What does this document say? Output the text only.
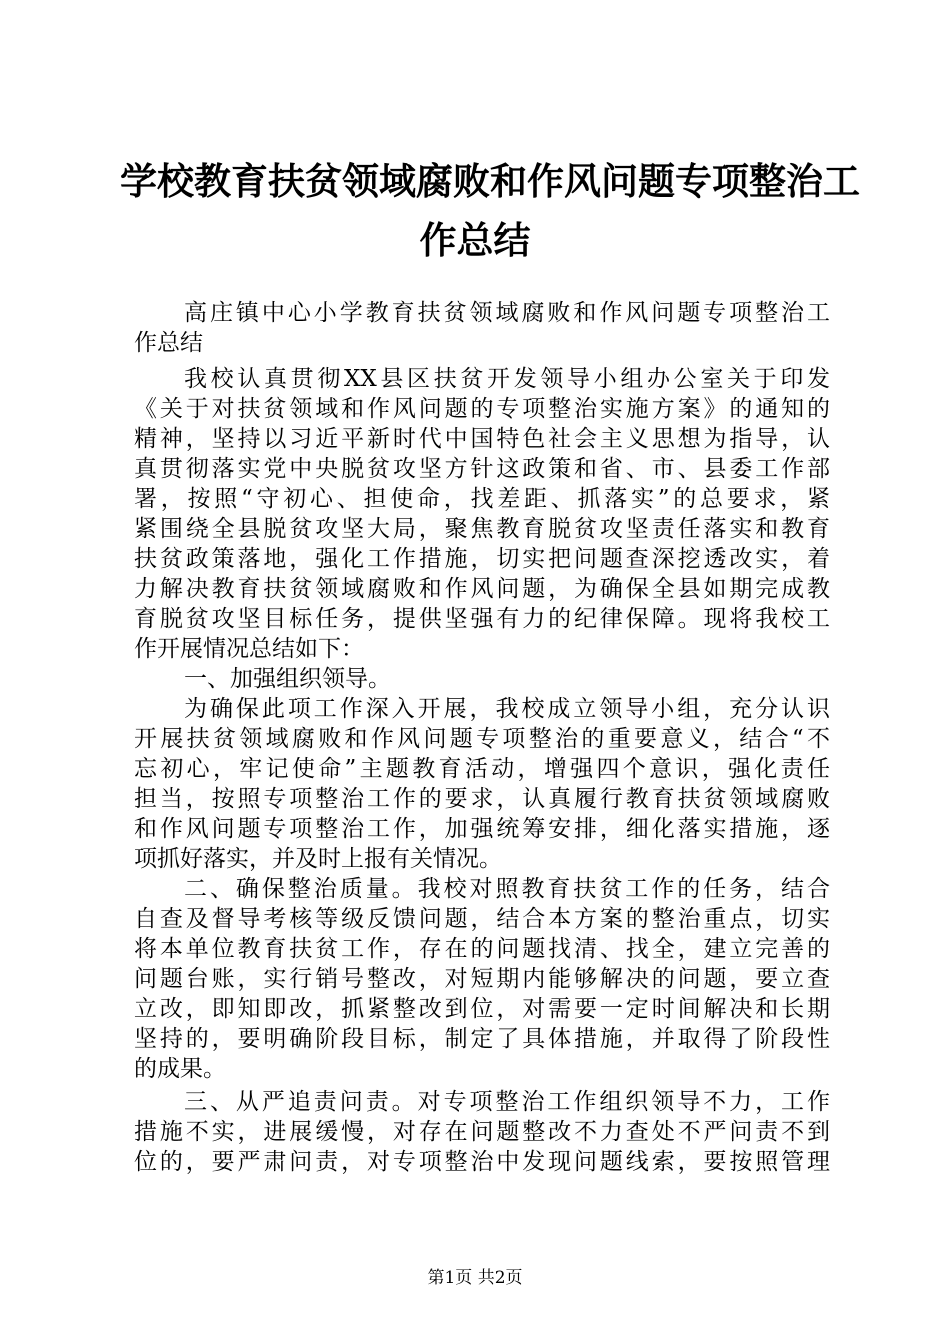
学校教育扶贫领域腐败和作风问题专项整治工
作总结
高庄镇中心小学教育扶贫领域腐败和作风问题专项整治工
作总结
我校认真贯彻XX县区扶贫开发领导小组办公室关于印发
《关于对扶贫领域和作风问题的专项整治实施方案》的通知的
精神，坚持以习近平新时代中国特色社会主义思想为指导，认
真贯彻落实党中央脱贫攻坚方针这政策和省、市、县委工作部
署，按照“守初心、担使命，找差距、抓落实”的总要求，紧
紧围绕全县脱贫攻坚大局，聚焦教育脱贫攻坚责任落实和教育
扶贫政策落地，强化工作措施，切实把问题查深挖透改实，着
力解决教育扶贫领域腐败和作风问题，为确保全县如期完成教
育脱贫攻坚目标任务，提供坚强有力的纪律保障。现将我校工
作开展情况总结如下：
一、加强组织领导。
为确保此项工作深入开展，我校成立领导小组，充分认识
开展扶贫领域腐败和作风问题专项整治的重要意义，结合“不
忘初心，牢记使命”主题教育活动，增强四个意识，强化责任
担当，按照专项整治工作的要求，认真履行教育扶贫领域腐败
和作风问题专项整治工作，加强统筹安排，细化落实措施，逐
项抓好落实，并及时上报有关情况。
二、确保整治质量。我校对照教育扶贫工作的任务，结合
自查及督导考核等级反馈问题，结合本方案的整治重点，切实
将本单位教育扶贫工作，存在的问题找清、找全，建立完善的
问题台账，实行销号整改，对短期内能够解决的问题，要立查
立改，即知即改，抓紧整改到位，对需要一定时间解决和长期
坚持的，要明确阶段目标，制定了具体措施，并取得了阶段性
的成果。
三、从严追责问责。对专项整治工作组织领导不力，工作
措施不实，进展缓慢，对存在问题整改不力查处不严问责不到
位的，要严肃问责，对专项整治中发现问题线索，要按照管理
第1页 共2页
